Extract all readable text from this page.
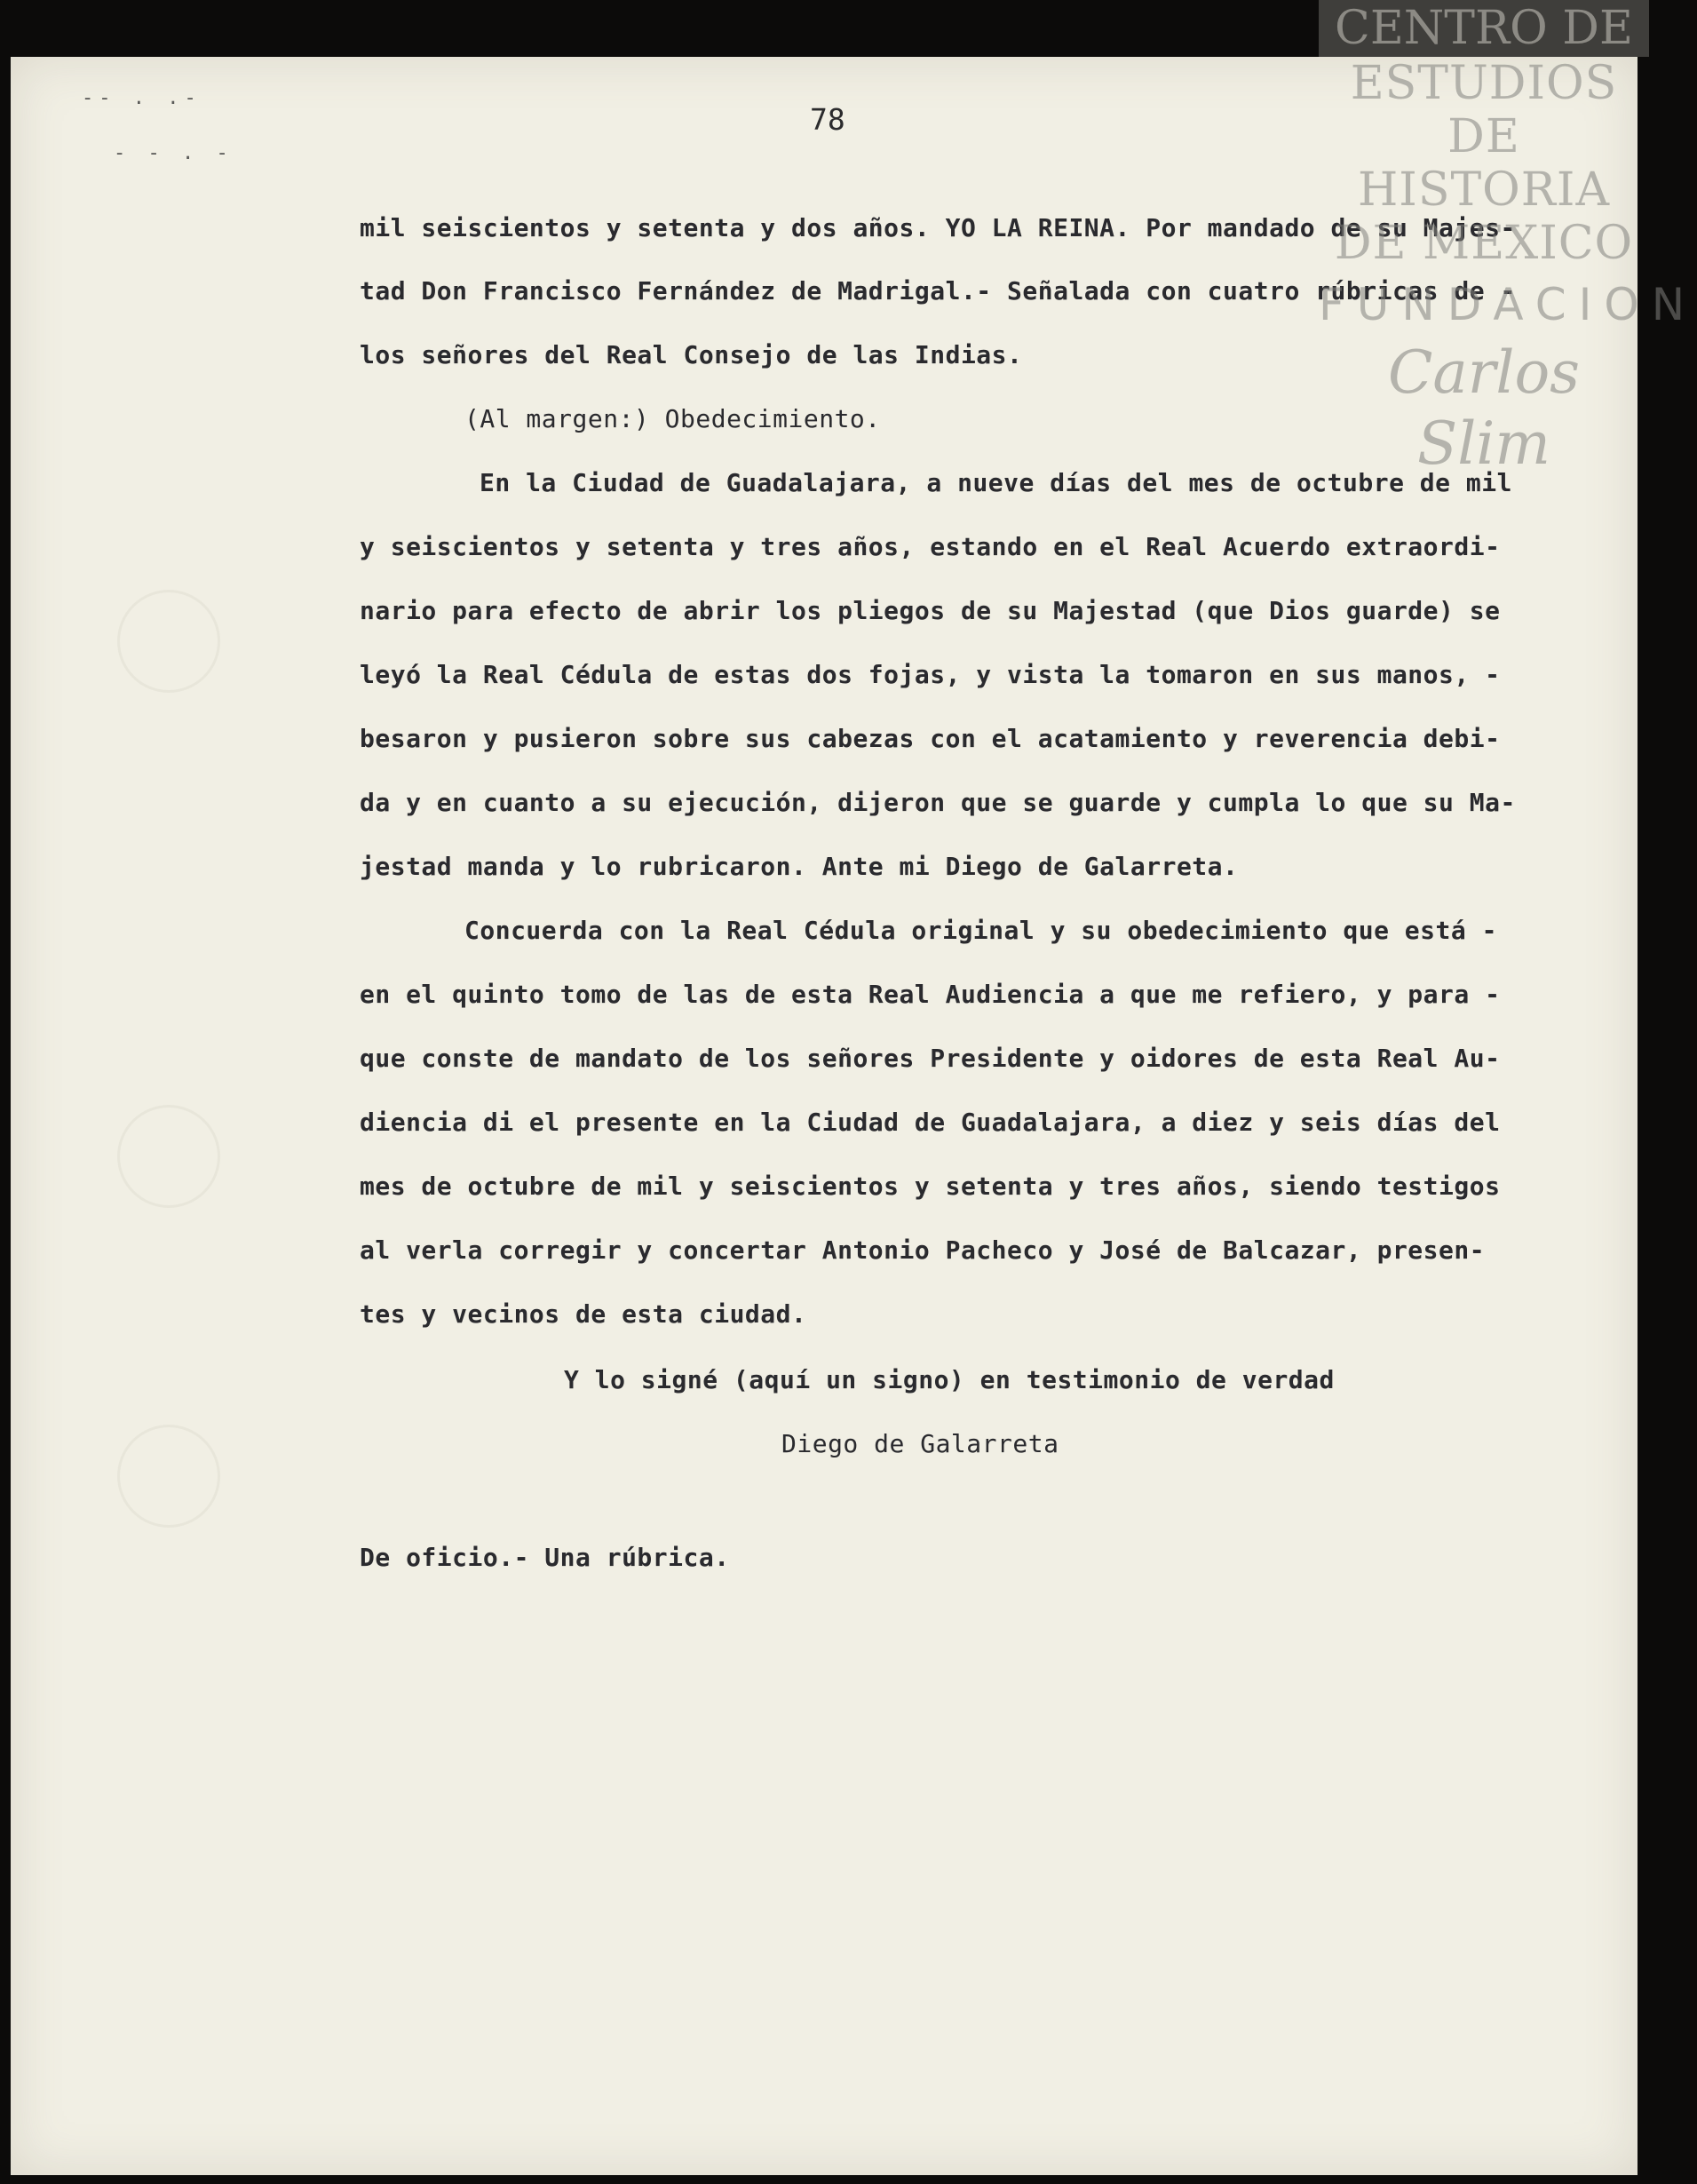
-- . .-
- - . -
78
mil seiscientos y setenta y dos años. YO LA REINA. Por mandado de su Majes-
tad Don Francisco Fernández de Madrigal.- Señalada con cuatro rúbricas de -
los señores del Real Consejo de las Indias.
(Al margen:) Obedecimiento.
En la Ciudad de Guadalajara, a nueve días del mes de octubre de mil
y seiscientos y setenta y tres años, estando en el Real Acuerdo extraordi-
nario para efecto de abrir los pliegos de su Majestad (que Dios guarde) se
leyó la Real Cédula de estas dos fojas, y vista la tomaron en sus manos, -
besaron y pusieron sobre sus cabezas con el acatamiento y reverencia debi-
da y en cuanto a su ejecución, dijeron que se guarde y cumpla lo que su Ma-
jestad manda y lo rubricaron. Ante mi Diego de Galarreta.
Concuerda con la Real Cédula original y su obedecimiento que está -
en el quinto tomo de las de esta Real Audiencia a que me refiero, y para -
que conste de mandato de los señores Presidente y oidores de esta Real Au-
diencia di el presente en la Ciudad de Guadalajara, a diez y seis días del
mes de octubre de mil y seiscientos y setenta y tres años, siendo testigos
al verla corregir y concertar Antonio Pacheco y José de Balcazar, presen-
tes y vecinos de esta ciudad.
Y lo signé (aquí un signo) en testimonio de verdad
Diego de Galarreta
De oficio.- Una rúbrica.
CENTRO DE
ESTUDIOS
DE HISTORIA
DE MEXICO
FUNDACION
Carlos Slim
